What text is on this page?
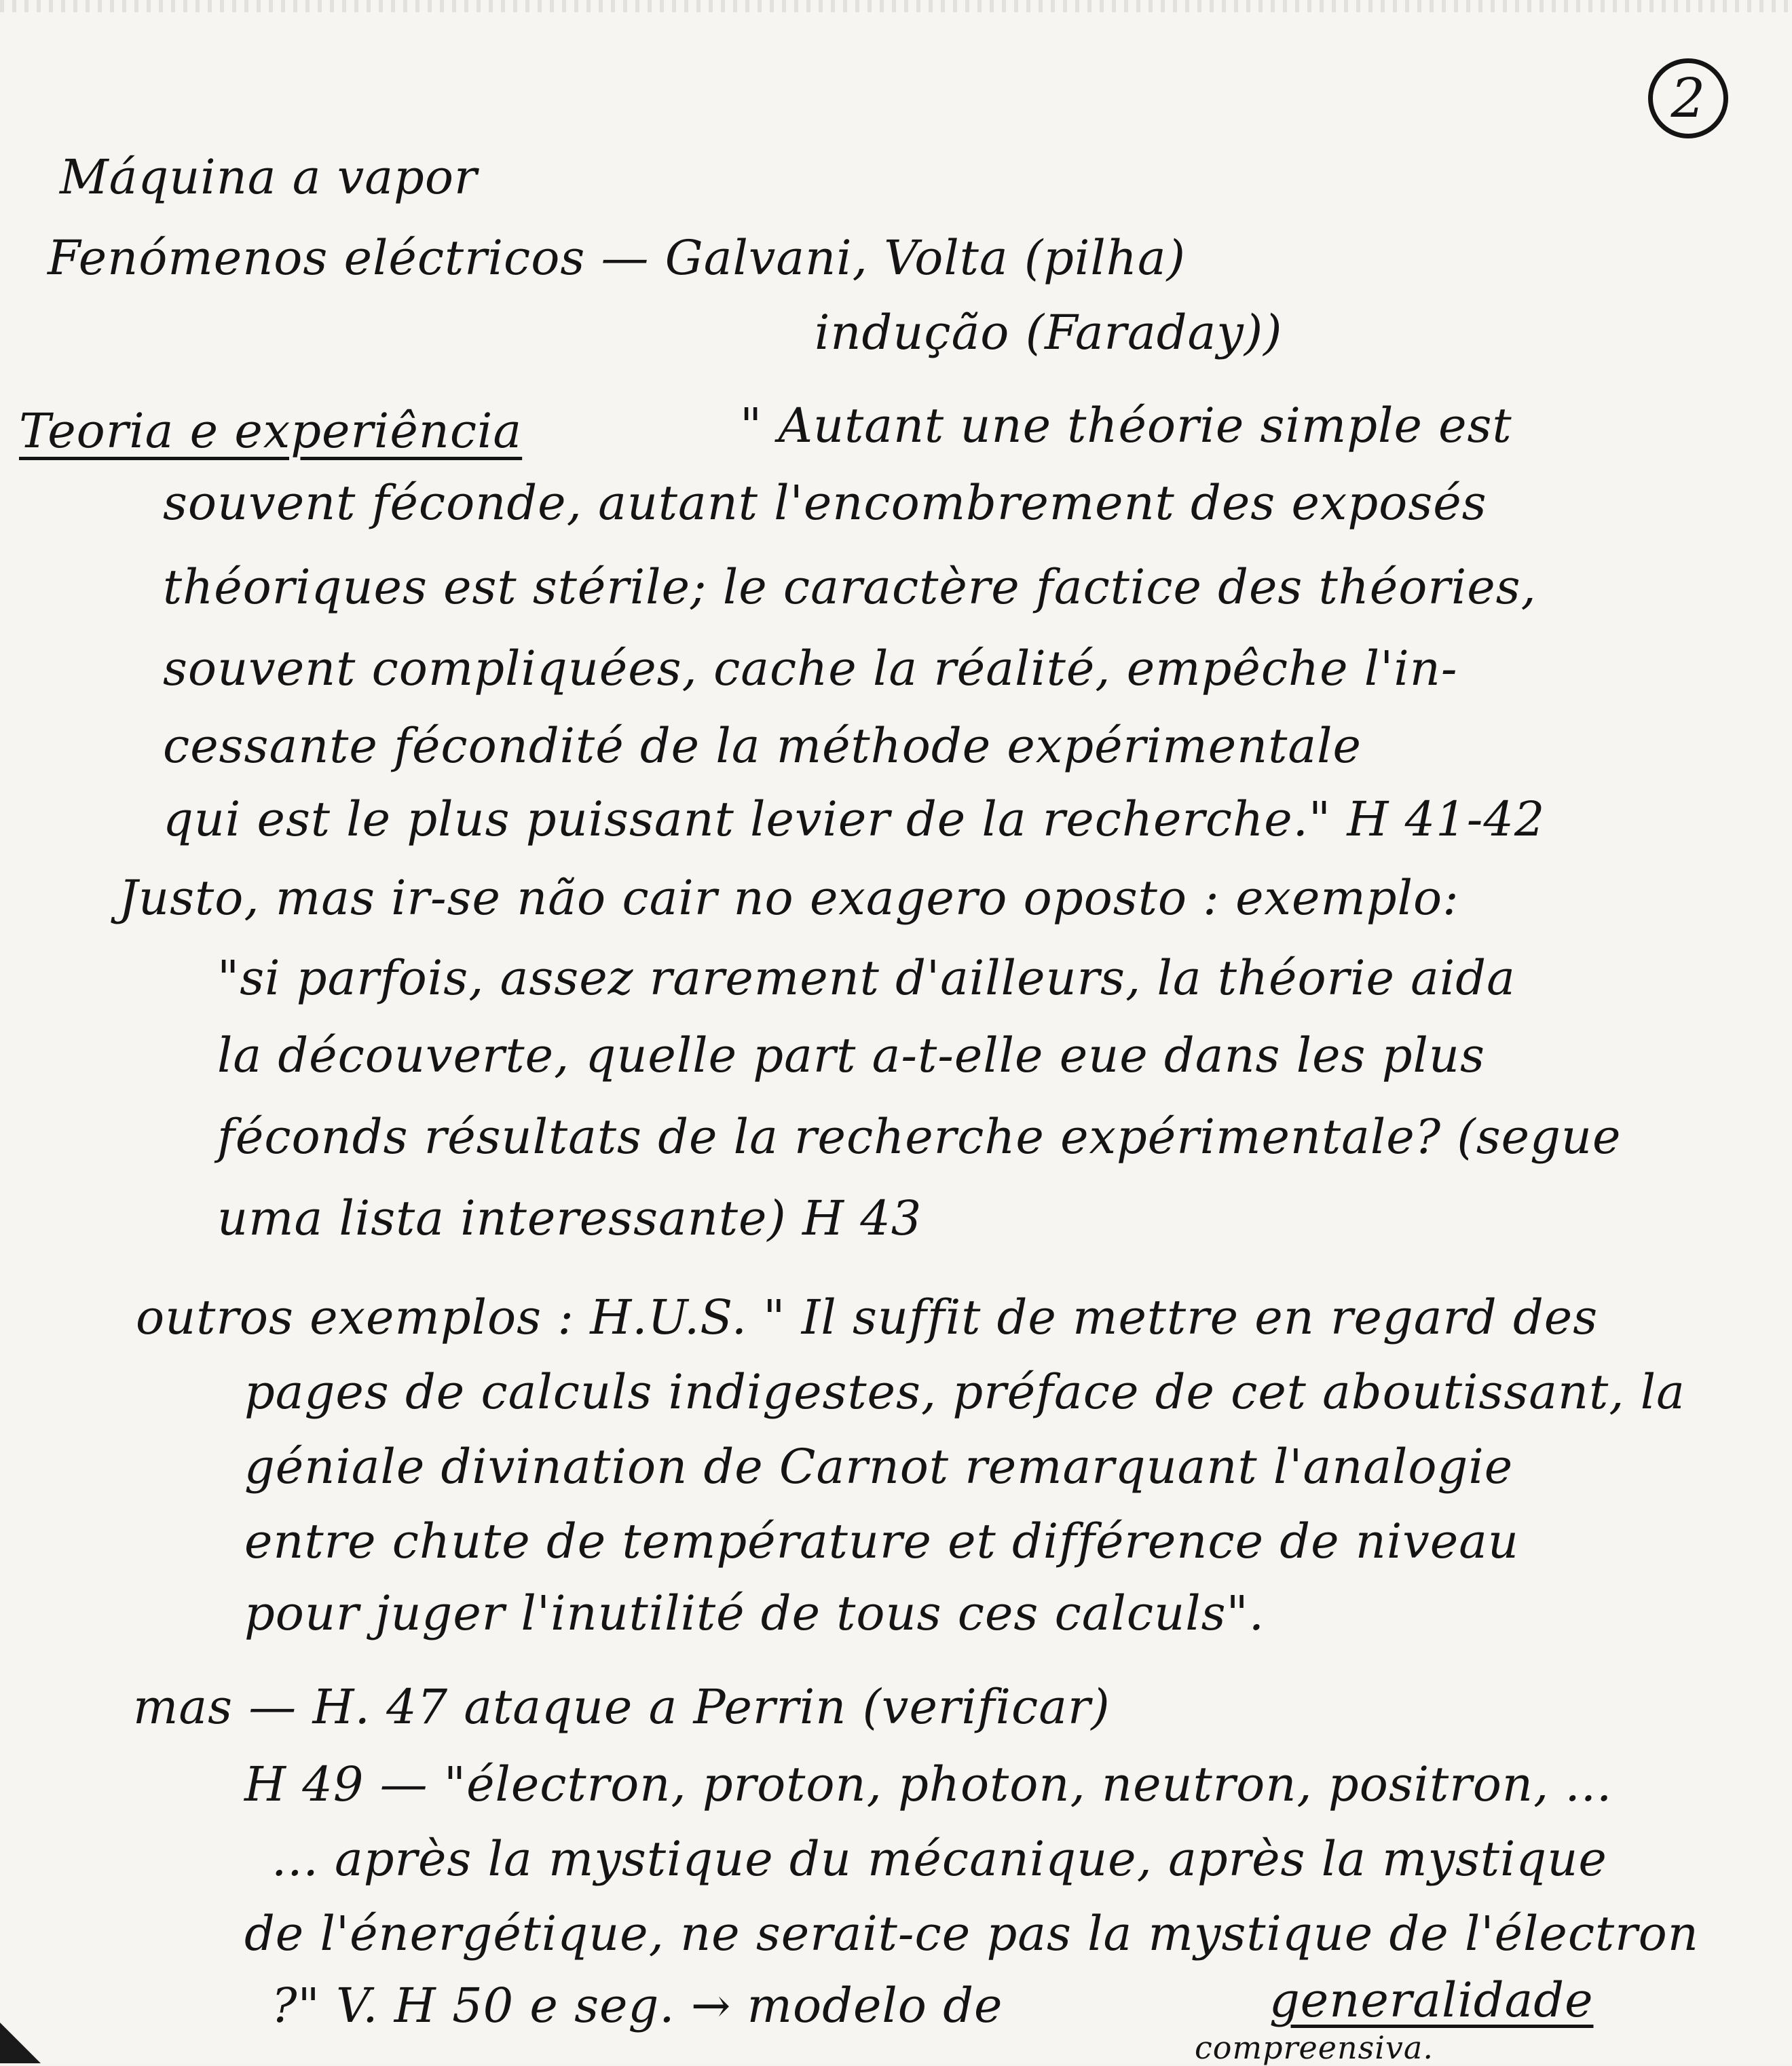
2
Máquina a vapor
Fenómenos eléctricos — Galvani, Volta (pilha)
indução (Faraday))
Teoria e experiência	" Autant une théorie simple est
souvent féconde, autant l'encombrement des exposés
théoriques est stérile; le caractère factice des théories,
souvent compliquées, cache la réalité, empêche l'in-
cessante fécondité de la méthode expérimentale
qui est le plus puissant levier de la recherche." H 41-42
Justo, mas ir-se não cair no exagero oposto : exemplo:
"si parfois, assez rarement d'ailleurs, la théorie aida
la découverte, quelle part a-t-elle eue dans les plus
féconds résultats de la recherche expérimentale? (segue
uma lista interessante) H 43
outros exemplos : H.U.S. " Il suffit de mettre en regard des
pages de calculs indigestes, préface de cet aboutissant, la
géniale divination de Carnot remarquant l'analogie
entre chute de température et différence de niveau
pour juger l'inutilité de tous ces calculs".
mas — H. 47 ataque a Perrin (verificar)
H 49 — "électron, proton, photon, neutron, positron, ...
... après la mystique du mécanique, après la mystique
de l'énergétique, ne serait-ce pas la mystique de l'électron
?" V. H 50 e seg. → modelo de	generalidade
compreensiva.
